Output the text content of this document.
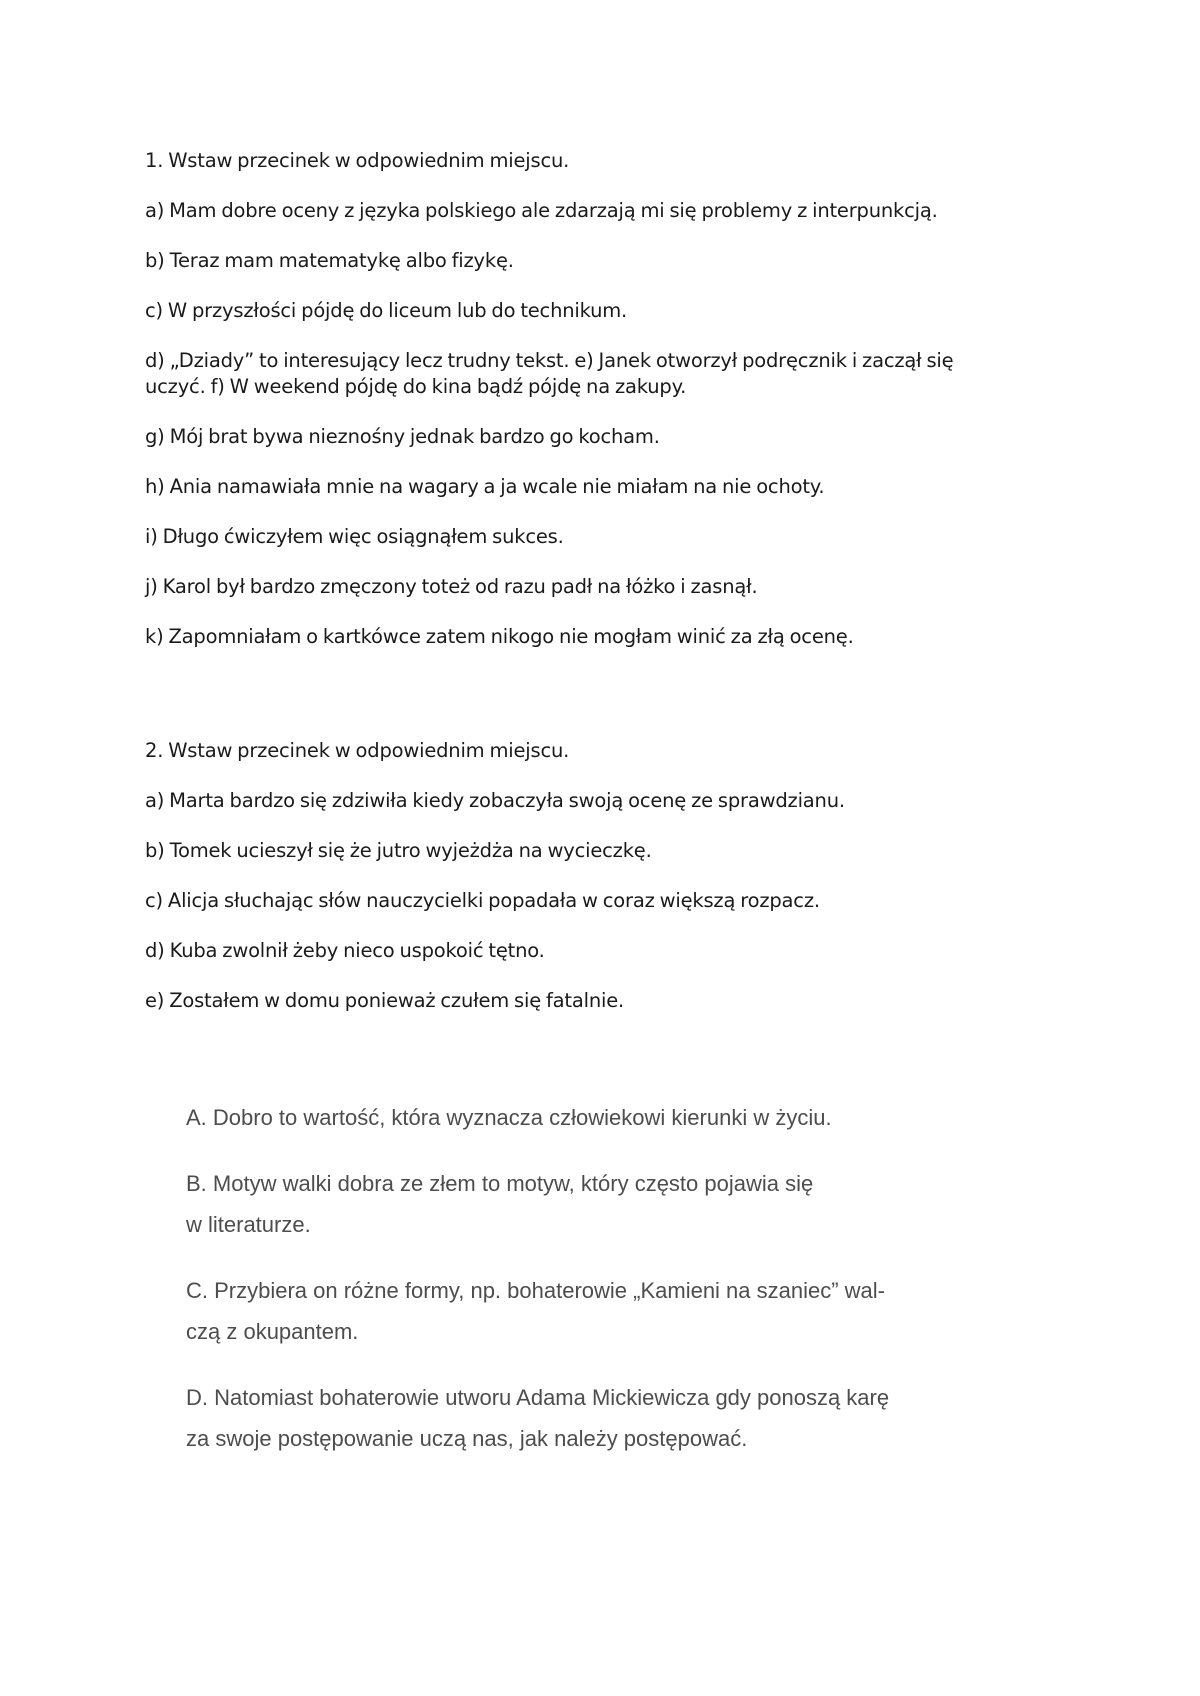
1. Wstaw przecinek w odpowiednim miejscu.

a) Mam dobre oceny z języka polskiego ale zdarzają mi się problemy z interpunkcją.

b) Teraz mam matematykę albo fizykę.

c) W przyszłości pójdę do liceum lub do technikum.

d) „Dziady” to interesujący lecz trudny tekst. e) Janek otworzył podręcznik i zaczął się
uczyć. f) W weekend pójdę do kina bądź pójdę na zakupy.

g) Mój brat bywa nieznośny jednak bardzo go kocham.

h) Ania namawiała mnie na wagary a ja wcale nie miałam na nie ochoty.

i) Długo ćwiczyłem więc osiągnąłem sukces.

j) Karol był bardzo zmęczony toteż od razu padł na łóżko i zasnął.

k) Zapomniałam o kartkówce zatem nikogo nie mogłam winić za złą ocenę.

2. Wstaw przecinek w odpowiednim miejscu.

a) Marta bardzo się zdziwiła kiedy zobaczyła swoją ocenę ze sprawdzianu.

b) Tomek ucieszył się że jutro wyjeżdża na wycieczkę.

c) Alicja słuchając słów nauczycielki popadała w coraz większą rozpacz.

d) Kuba zwolnił żeby nieco uspokoić tętno.

e) Zostałem w domu ponieważ czułem się fatalnie.

A. Dobro to wartość, która wyznacza człowiekowi kierunki w życiu.

B. Motyw walki dobra ze złem to motyw, który często pojawia się
w literaturze.

C. Przybiera on różne formy, np. bohaterowie „Kamieni na szaniec” wal-
czą z okupantem.

D. Natomiast bohaterowie utworu Adama Mickiewicza gdy ponoszą karę
za swoje postępowanie uczą nas, jak należy postępować.
